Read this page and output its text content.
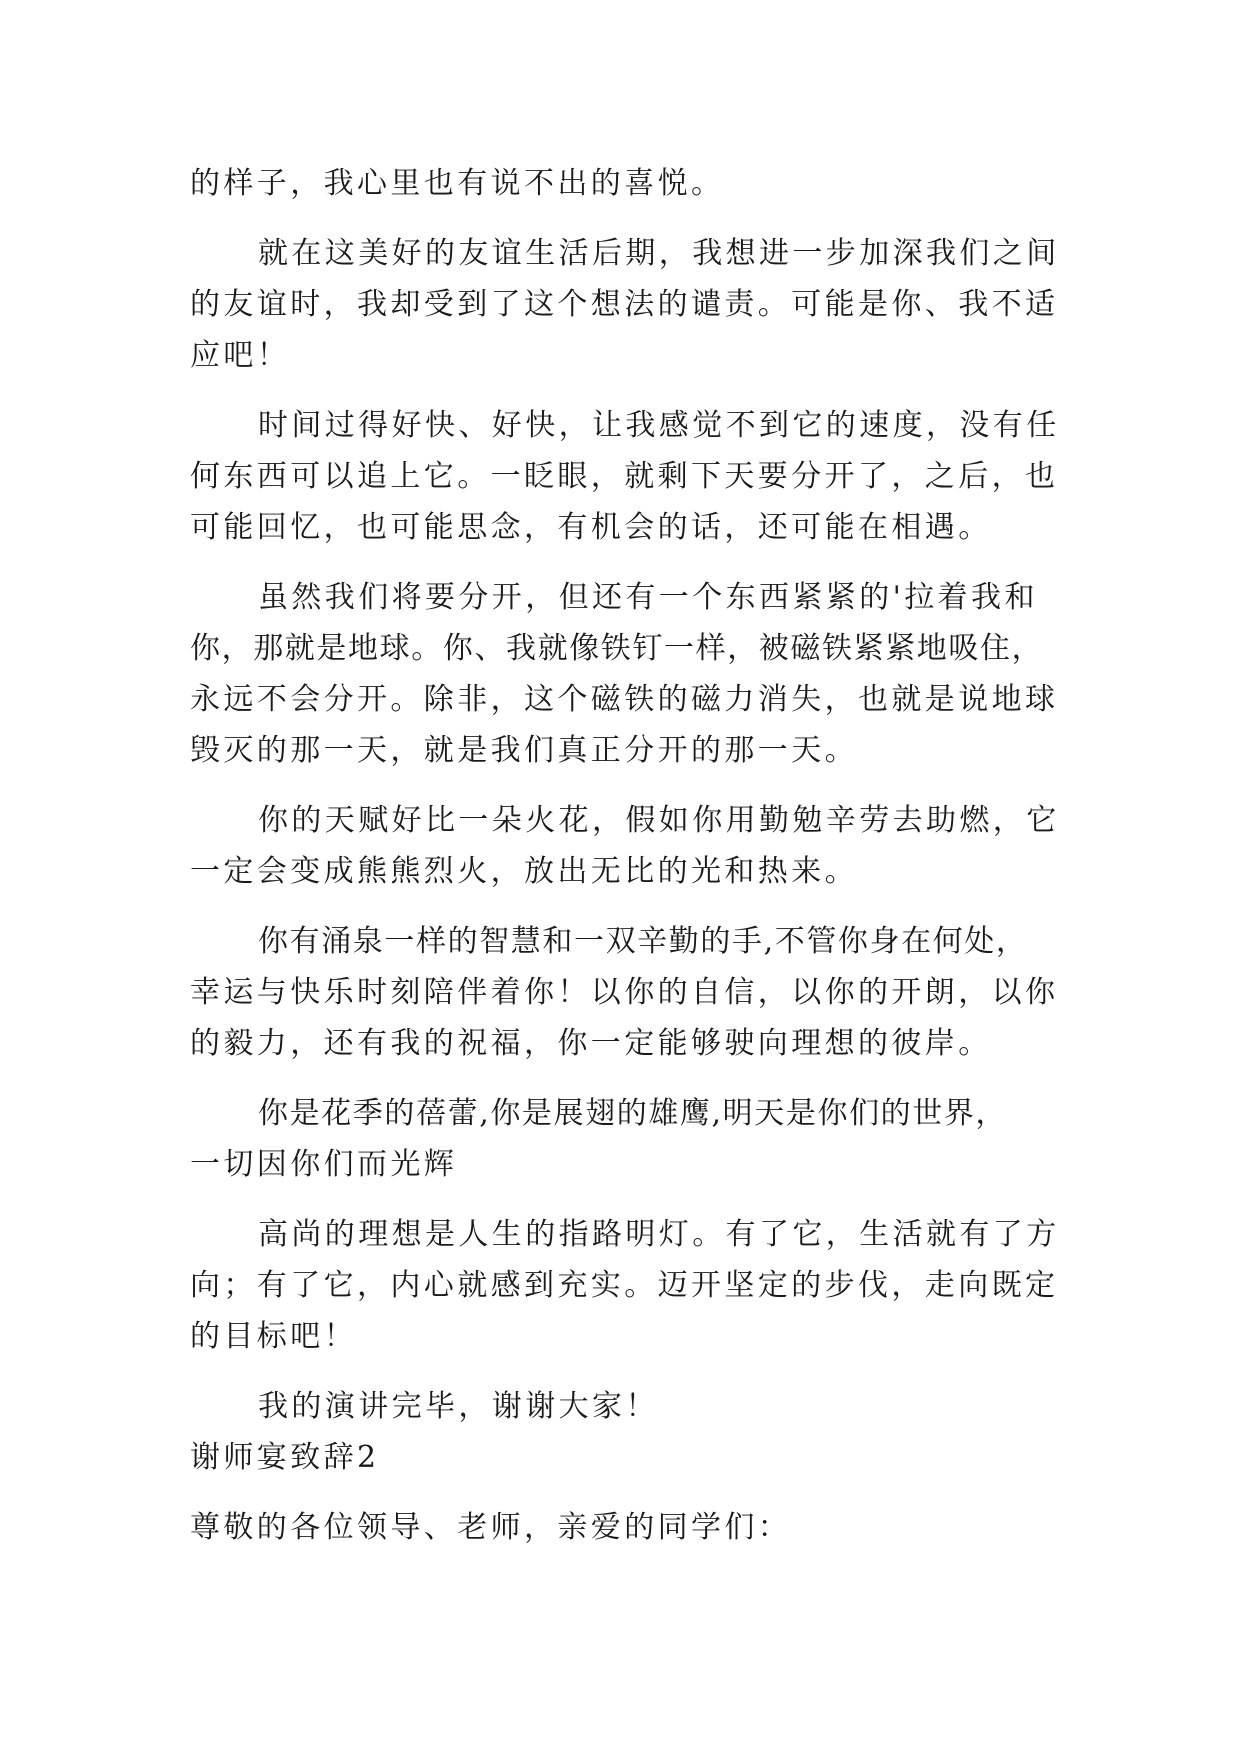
的样子，我心里也有说不出的喜悦。
就在这美好的友谊生活后期，我想进一步加深我们之间
的友谊时，我却受到了这个想法的谴责。可能是你、我不适
应吧！
时间过得好快、好快，让我感觉不到它的速度，没有任
何东西可以追上它。一眨眼，就剩下天要分开了，之后，也
可能回忆，也可能思念，有机会的话，还可能在相遇。
虽然我们将要分开，但还有一个东西紧紧的'拉着我和
你，那就是地球。你、我就像铁钉一样，被磁铁紧紧地吸住，
永远不会分开。除非，这个磁铁的磁力消失，也就是说地球
毁灭的那一天，就是我们真正分开的那一天。
你的天赋好比一朵火花，假如你用勤勉辛劳去助燃，它
一定会变成熊熊烈火，放出无比的光和热来。
你有涌泉一样的智慧和一双辛勤的手,不管你身在何处，
幸运与快乐时刻陪伴着你！以你的自信，以你的开朗，以你
的毅力，还有我的祝福，你一定能够驶向理想的彼岸。
你是花季的蓓蕾,你是展翅的雄鹰,明天是你们的世界，
一切因你们而光辉
高尚的理想是人生的指路明灯。有了它，生活就有了方
向；有了它，内心就感到充实。迈开坚定的步伐，走向既定
的目标吧！
我的演讲完毕，谢谢大家！
谢师宴致辞2
尊敬的各位领导、老师，亲爱的同学们：
